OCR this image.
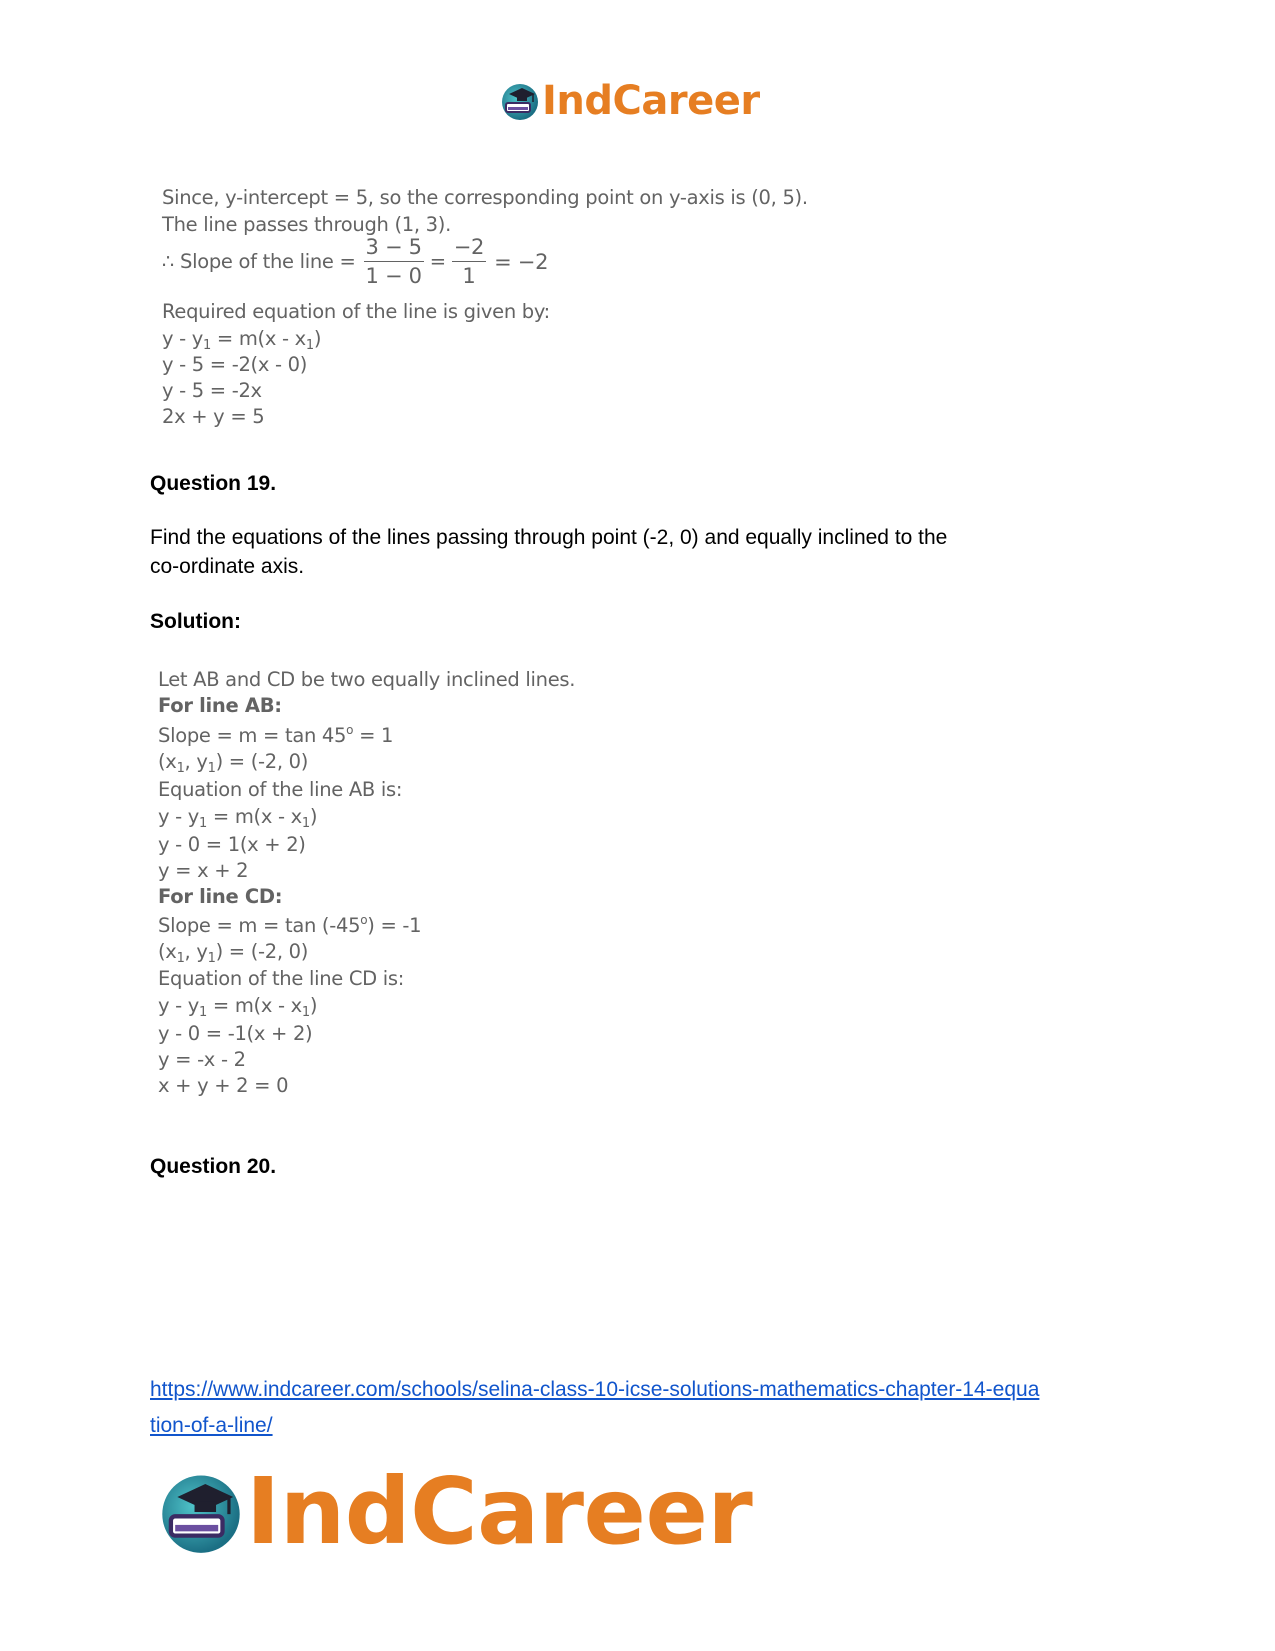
IndCareer
Since, y-intercept = 5, so the corresponding point on y-axis is (0, 5).
The line passes through (1, 3).
∴ Slope of the line = $\frac{3 - 5}{1 - 0} = \frac{-2}{1} = -2$
Required equation of the line is given by:
$y - y_1 = m(x - x_1)$
y - 5 = -2(x - 0)
y - 5 = -2x
2x + y = 5
Question 19.
Find the equations of the lines passing through point (-2, 0) and equally inclined to the
co-ordinate axis.
Solution:
Let AB and CD be two equally inclined lines.
For line AB:
Slope = $m = \tan 45^o = 1$
($x_1$, $y_1) = (-2$, 0)
Equation of the line AB is:
$y - y_1 = m(x - x_1)$
y - 0 = 1(x + 2)
y = x + 2
For line CD:
Slope = $m = \tan (-45^o) = -1$
($x_1$, $y_1) = (-2$, 0)
Equation of the line CD is:
$y - y_1 = m(x - x_1)$
y - 0 = -1(x + 2)
y = -x - 2
x + y + 2 = 0
Question 20.
https://www.indcareer.com/schools/selina-class-10-icse-solutions-mathematics-chapter-14-equa
tion-of-a-line/
IndCareer
